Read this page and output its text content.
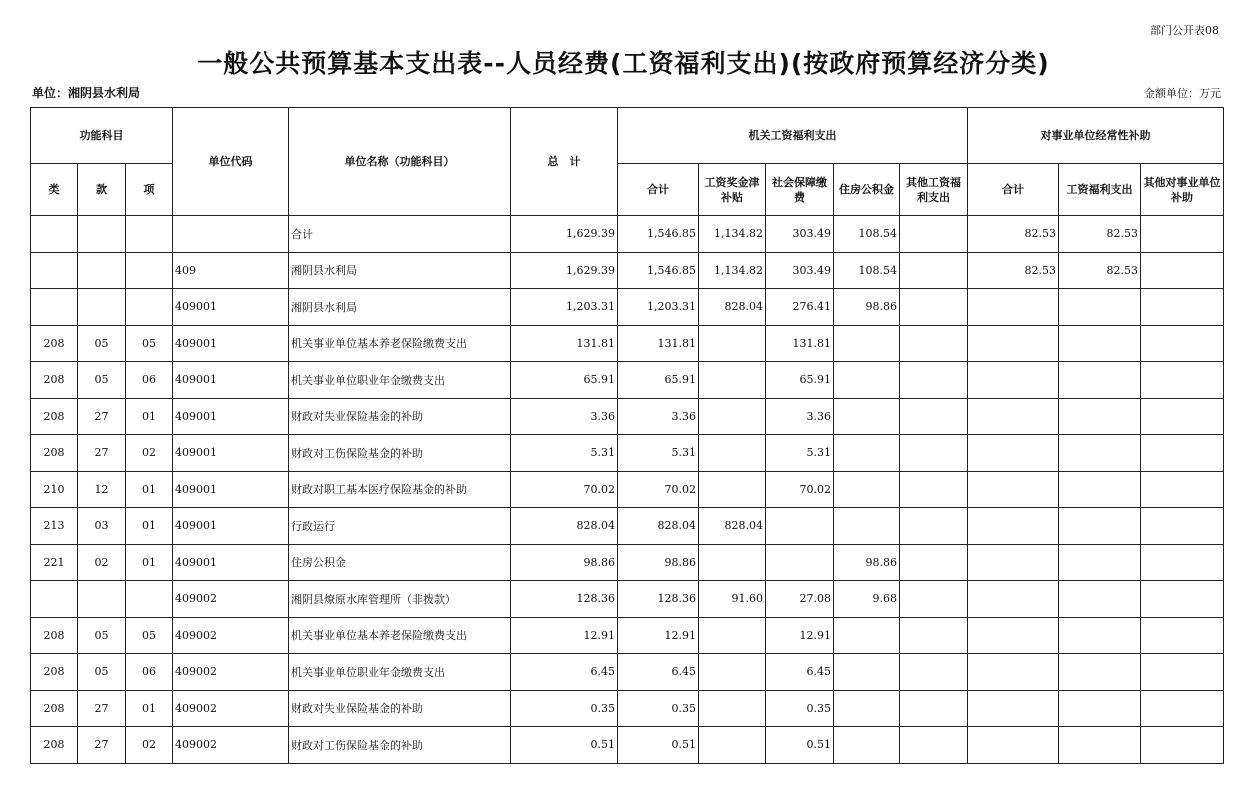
部门公开表08
一般公共预算基本支出表--人员经费(工资福利支出)(按政府预算经济分类)
单位：湘阴县水利局	金额单位：万元
功能科目			单位代码	单位名称（功能科目）	总　计	机关工资福利支出					对事业单位经常性补助		
类	款	项				合计	工资奖金津补贴	社会保障缴费	住房公积金	其他工资福利支出	合计	工资福利支出	其他对事业单位补助
				合计	1,629.39	1,546.85	1,134.82	303.49	108.54		82.53	82.53	
			409	湘阴县水利局	1,629.39	1,546.85	1,134.82	303.49	108.54		82.53	82.53	
			409001	湘阴县水利局	1,203.31	1,203.31	828.04	276.41	98.86				
208	05	05	409001	机关事业单位基本养老保险缴费支出	131.81	131.81		131.81					
208	05	06	409001	机关事业单位职业年金缴费支出	65.91	65.91		65.91					
208	27	01	409001	财政对失业保险基金的补助	3.36	3.36		3.36					
208	27	02	409001	财政对工伤保险基金的补助	5.31	5.31		5.31					
210	12	01	409001	财政对职工基本医疗保险基金的补助	70.02	70.02		70.02					
213	03	01	409001	行政运行	828.04	828.04	828.04						
221	02	01	409001	住房公积金	98.86	98.86			98.86				
			409002	湘阴县燎原水库管理所（非拨款）	128.36	128.36	91.60	27.08	9.68				
208	05	05	409002	机关事业单位基本养老保险缴费支出	12.91	12.91		12.91					
208	05	06	409002	机关事业单位职业年金缴费支出	6.45	6.45		6.45					
208	27	01	409002	财政对失业保险基金的补助	0.35	0.35		0.35					
208	27	02	409002	财政对工伤保险基金的补助	0.51	0.51		0.51					
